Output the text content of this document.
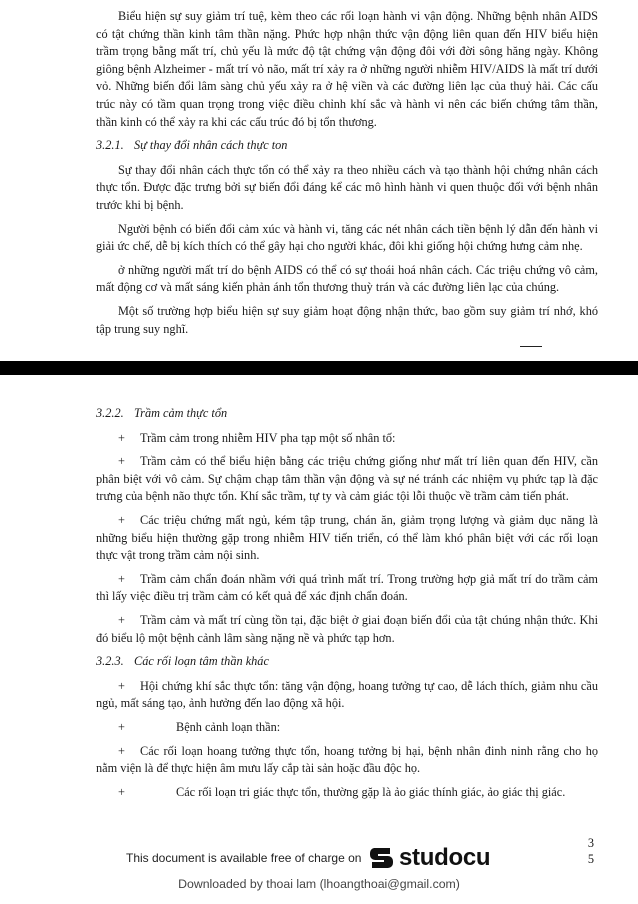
Biểu hiện sự suy giảm trí tuệ, kèm theo các rối loạn hành vi vận động. Những bệnh nhân AIDS có tật chứng thần kinh tâm thần nặng. Phức hợp nhận thức vận động liên quan đến HIV biểu hiện trầm trọng bằng mất trí, chủ yếu là mức độ tật chứng vận động đôi với đời sông hăng ngày. Không giông bệnh Alzheimer - mất trí vỏ não, mất trí xảy ra ở những người nhiễm HIV/AIDS là mất trí dưới vỏ. Những biến đổi lâm sàng chủ yếu xảy ra ở hệ viền và các đường liên lạc của thuỷ hải. Các cấu trúc này có tầm quan trọng trong việc điều chỉnh khí sắc và hành vi nên các biến chứng tâm thần, thần kinh có thể xảy ra khi các cấu trúc đó bị tổn thương.

3.2.1. Sự thay đổi nhân cách thực ton

Sự thay đổi nhân cách thực tổn có thể xảy ra theo nhiều cách và tạo thành hội chứng nhân cách thực tổn. Được đặc trưng bởi sự biến đổi đáng kể các mô hình hành vi quen thuộc đối với bệnh nhân trước khi bị bệnh.

Người bệnh có biến đổi cảm xúc và hành vi, tăng các nét nhân cách tiền bệnh lý dẫn đến hành vi giải ức chế, dễ bị kích thích có thể gây hại cho người khác, đôi khi giống hội chứng hưng cảm nhẹ.

ở những người mất trí do bệnh AIDS có thể có sự thoái hoá nhân cách. Các triệu chứng vô cảm, mất động cơ và mất sáng kiến phản ánh tổn thương thuỳ trán và các đường liên lạc của chúng.

Một số trường hợp biểu hiện sự suy giảm hoạt động nhận thức, bao gồm suy giảm trí nhớ, khó tập trung suy nghĩ.

3.2.2. Trầm cảm thực tổn

+ Trầm cảm trong nhiễm HIV pha tạp một số nhân tố:

+ Trầm cảm có thể biểu hiện bằng các triệu chứng giống như mất trí liên quan đến HIV, cần phân biệt với vô cảm. Sự chậm chạp tâm thần vận động và sự né tránh các nhiệm vụ phức tạp là đặc trưng của bệnh não thực tổn. Khí sắc trầm, tự ty và cảm giác tội lỗi thuộc về trầm cảm tiến phát.

+ Các triệu chứng mất ngủ, kém tập trung, chán ăn, giảm trọng lượng và giảm dục năng là những biểu hiện thường gặp trong nhiễm HIV tiến triển, có thể làm khó phân biệt với các rối loạn thực vật trong trầm cảm nội sinh.

+ Trầm cảm chẩn đoán nhầm với quá trình mất trí. Trong trường hợp giả mất trí do trầm cảm thì lấy việc điều trị trầm cảm có kết quả để xác định chẩn đoán.

+ Trầm cảm và mất trí cùng tồn tại, đặc biệt ở giai đoạn biến đổi của tật chúng nhận thức. Khi đó biểu lộ một bệnh cảnh lâm sàng nặng nề và phức tạp hơn.

3.2.3. Các rối loạn tâm thần khác

+ Hội chứng khí sắc thực tổn: tăng vận động, hoang tưởng tự cao, dễ lách thích, giảm nhu cầu ngủ, mất sáng tạo, ảnh hưởng đến lao động xã hội.

+	Bệnh cảnh loạn thần:

+ Các rối loạn hoang tưởng thực tổn, hoang tưởng bị hại, bệnh nhân đinh ninh rằng cho họ nằm viện là để thực hiện âm mưu lấy cắp tài sản hoặc đầu độc họ.

+	Các rối loạn tri giác thực tổn, thường gặp là ảo giác thính giác, ảo giác thị giác.

3
5
This document is available free of charge on studocu
Downloaded by thoai lam (lhoangthoai@gmail.com)
